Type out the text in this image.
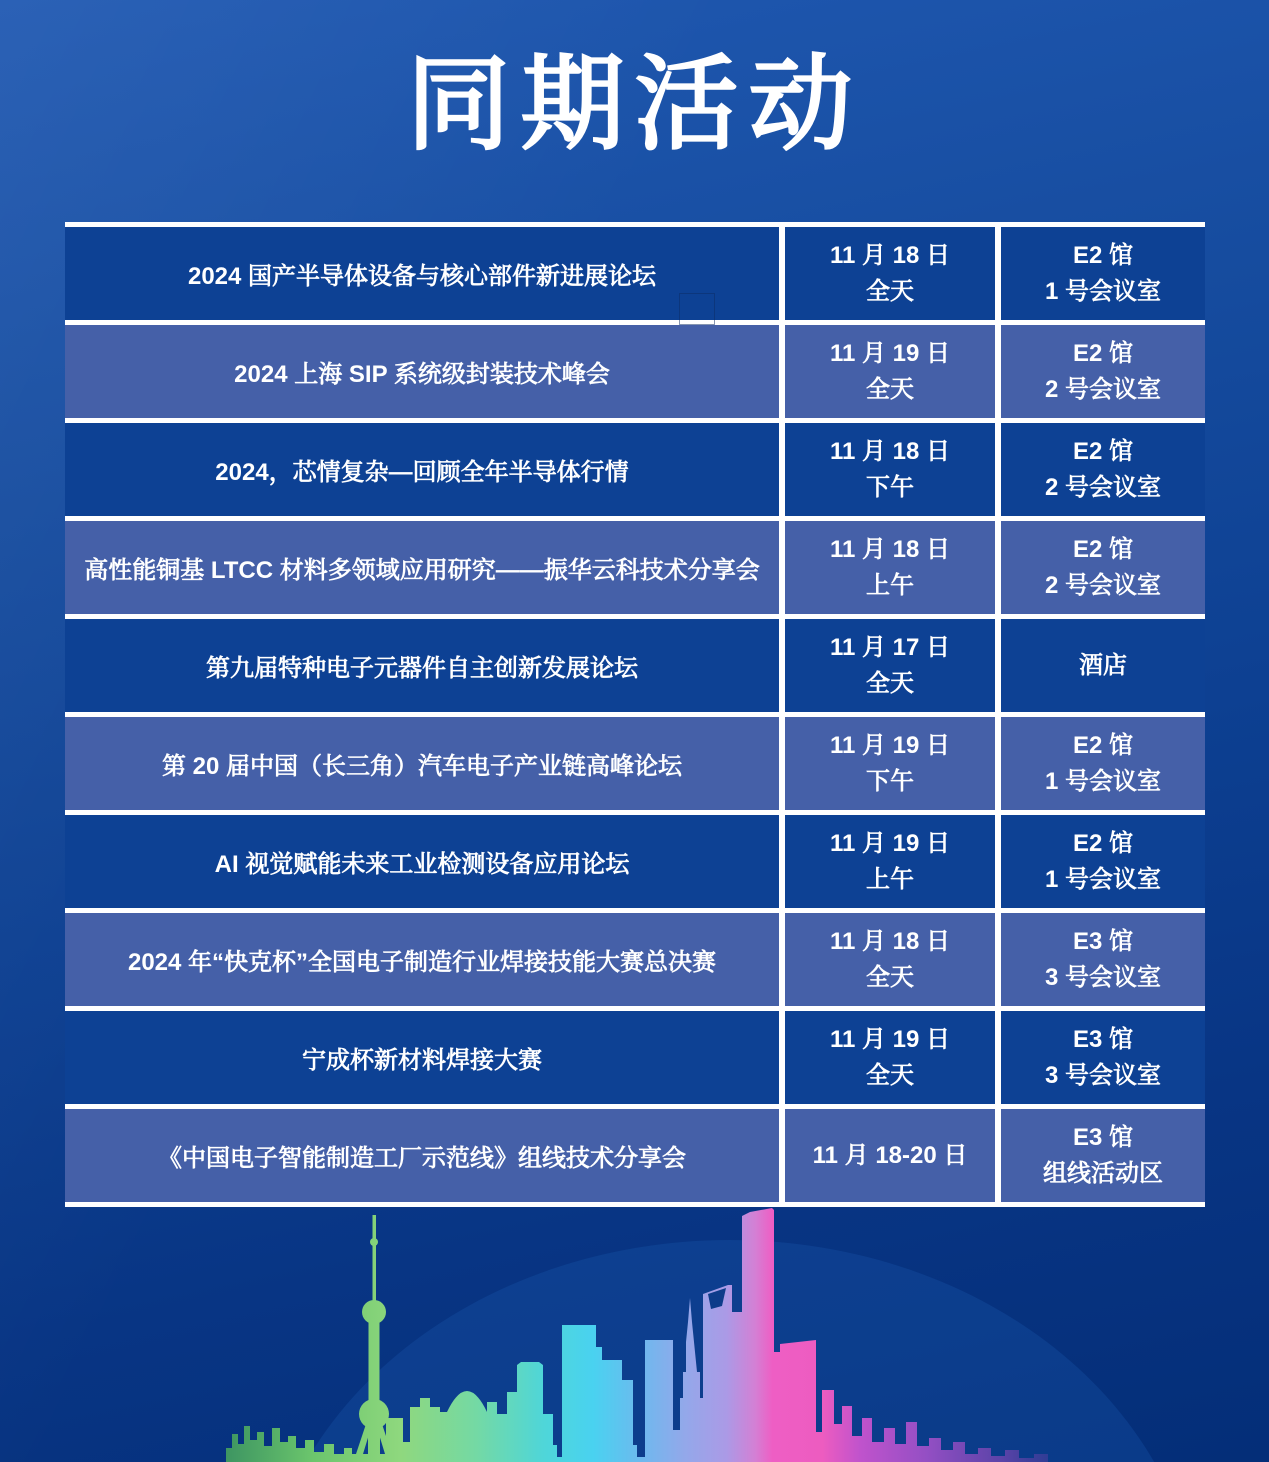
同期活动
2024 国产半导体设备与核心部件新进展论坛
11 月 18 日
全天
E2 馆
1 号会议室
2024 上海 SIP 系统级封装技术峰会
11 月 19 日
全天
E2 馆
2 号会议室
2024，芯情复杂—回顾全年半导体行情
11 月 18 日
下午
E2 馆
2 号会议室
高性能铜基 LTCC 材料多领域应用研究——振华云科技术分享会
11 月 18 日
上午
E2 馆
2 号会议室
第九届特种电子元器件自主创新发展论坛
11 月 17 日
全天
酒店
第 20 届中国（长三角）汽车电子产业链高峰论坛
11 月 19 日
下午
E2 馆
1 号会议室
AI 视觉赋能未来工业检测设备应用论坛
11 月 19 日
上午
E2 馆
1 号会议室
2024 年“快克杯”全国电子制造行业焊接技能大赛总决赛
11 月 18 日
全天
E3 馆
3 号会议室
宁成杯新材料焊接大赛
11 月 19 日
全天
E3 馆
3 号会议室
《中国电子智能制造工厂示范线》组线技术分享会	11 月 18-20 日
E3 馆
组线活动区
